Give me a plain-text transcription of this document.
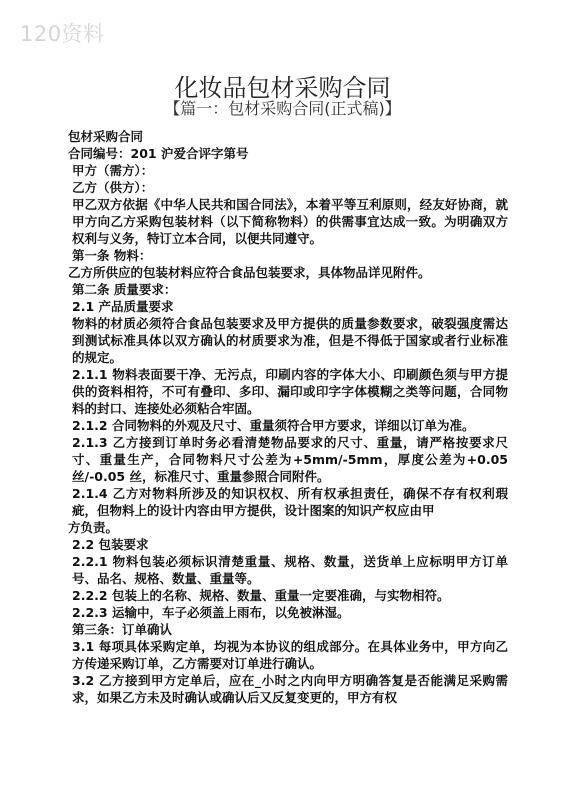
120资料
化妆品包材采购合同
【篇一：包材采购合同(正式稿)】
包材采购合同
合同编号：201 沪爱合评字第号
甲方（需方）：
乙方（供方）：
甲乙双方依据《中华人民共和国合同法》，本着平等互利原则，经友好协商，就甲方向乙方采购包装材料（以下简称物料）的供需事宜达成一致。为明确双方权利与义务，特订立本合同，以便共同遵守。
第一条 物料：
乙方所供应的包装材料应符合食品包装要求，具体物品详见附件。
第二条 质量要求：
2.1 产品质量要求
物料的材质必须符合食品包装要求及甲方提供的质量参数要求，破裂强度需达到测试标准具体以双方确认的材质要求为准，但是不得低于国家或者行业标准的规定。
2.1.1 物料表面要干净、无污点，印刷内容的字体大小、印刷颜色须与甲方提供的资料相符，不可有叠印、多印、漏印或印字字体模糊之类等问题，合同物料的封口、连接处必须粘合牢固。
2.1.2 合同物料的外观及尺寸、重量须符合甲方要求，详细以订单为准。
2.1.3 乙方接到订单时务必看清楚物品要求的尺寸、重量，请严格按要求尺寸、重量生产，合同物料尺寸公差为+5mm/-5mm，厚度公差为+0.05 丝/-0.05 丝，标准尺寸、重量参照合同附件。
2.1.4 乙方对物料所涉及的知识权权、所有权承担责任，确保不存有权利瑕疵，但物料上的设计内容由甲方提供，设计图案的知识产权应由甲
方负责。
2.2 包装要求
2.2.1 物料包装必须标识清楚重量、规格、数量，送货单上应标明甲方订单号、品名、规格、数量、重量等。
2.2.2 包装上的名称、规格、数量、重量一定要准确，与实物相符。
2.2.3 运输中，车子必须盖上雨布，以免被淋湿。
第三条：订单确认
3.1 每项具体采购定单，均视为本协议的组成部分。在具体业务中，甲方向乙方传递采购订单，乙方需要对订单进行确认。
3.2 乙方接到甲方定单后，应在_小时之内向甲方明确答复是否能满足采购需求，如果乙方未及时确认或确认后又反复变更的，甲方有权
